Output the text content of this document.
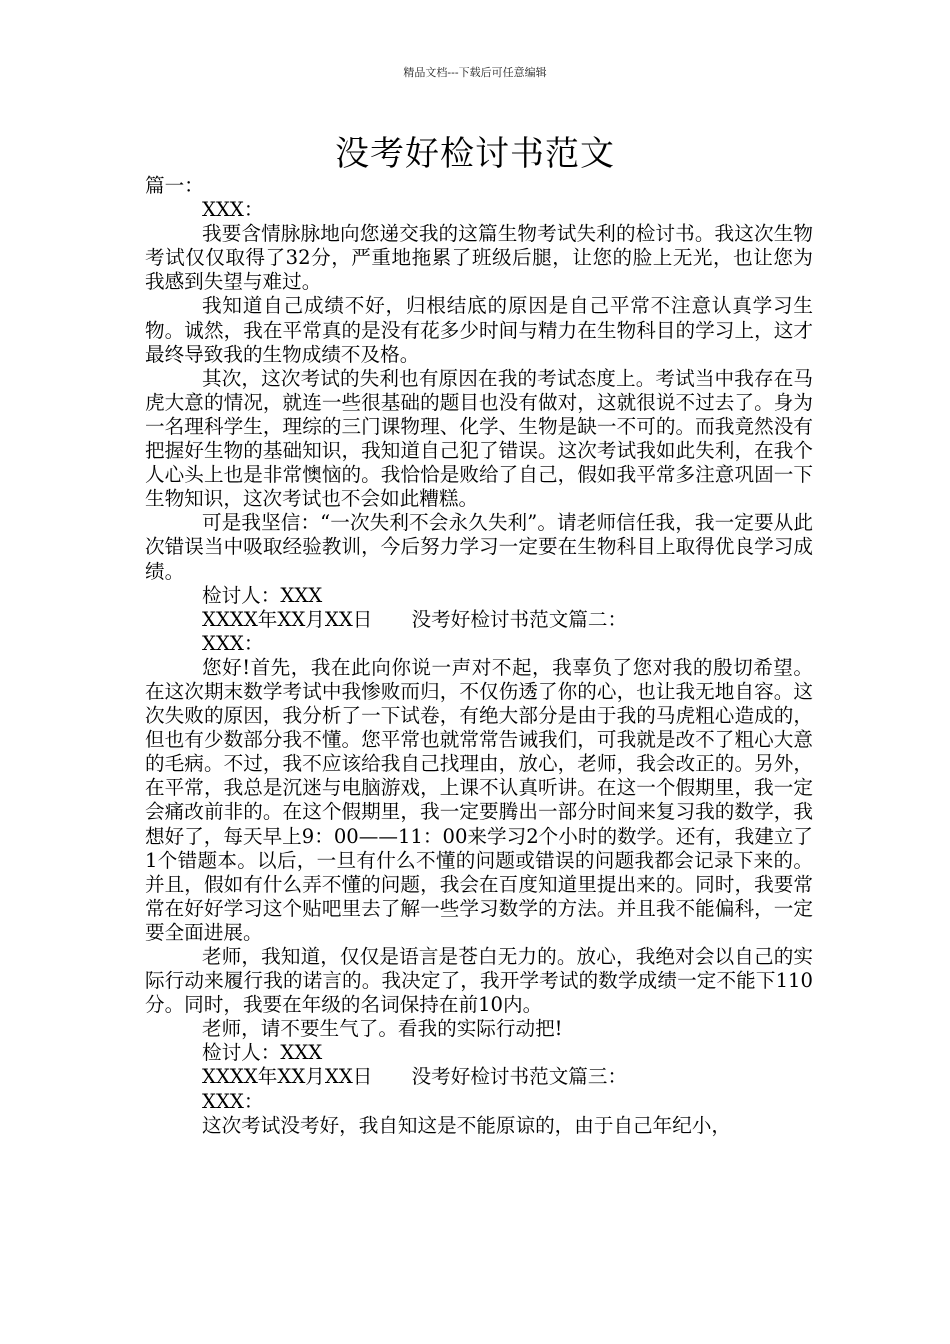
精品文档---下载后可任意编辑
没考好检讨书范文

篇一：

XXX：

我要含情脉脉地向您递交我的这篇生物考试失利的检讨书。我这次生物考试仅仅取得了32分，严重地拖累了班级后腿，让您的脸上无光，也让您为我感到失望与难过。

我知道自己成绩不好，归根结底的原因是自己平常不注意认真学习生物。诚然，我在平常真的是没有花多少时间与精力在生物科目的学习上，这才最终导致我的生物成绩不及格。

其次，这次考试的失利也有原因在我的考试态度上。考试当中我存在马虎大意的情况，就连一些很基础的题目也没有做对，这就很说不过去了。身为一名理科学生，理综的三门课物理、化学、生物是缺一不可的。而我竟然没有把握好生物的基础知识，我知道自己犯了错误。这次考试我如此失利，在我个人心头上也是非常懊恼的。我恰恰是败给了自己，假如我平常多注意巩固一下生物知识，这次考试也不会如此糟糕。

可是我坚信：“一次失利不会永久失利”。请老师信任我，我一定要从此次错误当中吸取经验教训，今后努力学习一定要在生物科目上取得优良学习成绩。

检讨人：XXX

XXXX年XX月XX日　　没考好检讨书范文篇二：

XXX：

您好!首先，我在此向你说一声对不起，我辜负了您对我的殷切希望。在这次期末数学考试中我惨败而归，不仅伤透了你的心，也让我无地自容。这次失败的原因，我分析了一下试卷，有绝大部分是由于我的马虎粗心造成的，但也有少数部分我不懂。您平常也就常常告诫我们，可我就是改不了粗心大意的毛病。不过，我不应该给我自己找理由，放心，老师，我会改正的。另外，在平常，我总是沉迷与电脑游戏，上课不认真听讲。在这一个假期里，我一定会痛改前非的。在这个假期里，我一定要腾出一部分时间来复习我的数学，我想好了，每天早上9：00——11：00来学习2个小时的数学。还有，我建立了1个错题本。以后，一旦有什么不懂的问题或错误的问题我都会记录下来的。并且，假如有什么弄不懂的问题，我会在百度知道里提出来的。同时，我要常常在好好学习这个贴吧里去了解一些学习数学的方法。并且我不能偏科，一定要全面进展。

老师，我知道，仅仅是语言是苍白无力的。放心，我绝对会以自己的实际行动来履行我的诺言的。我决定了，我开学考试的数学成绩一定不能下110分。同时，我要在年级的名词保持在前10内。

老师，请不要生气了。看我的实际行动把!

检讨人：XXX

XXXX年XX月XX日　　没考好检讨书范文篇三：

XXX：

这次考试没考好，我自知这是不能原谅的，由于自己年纪小，
